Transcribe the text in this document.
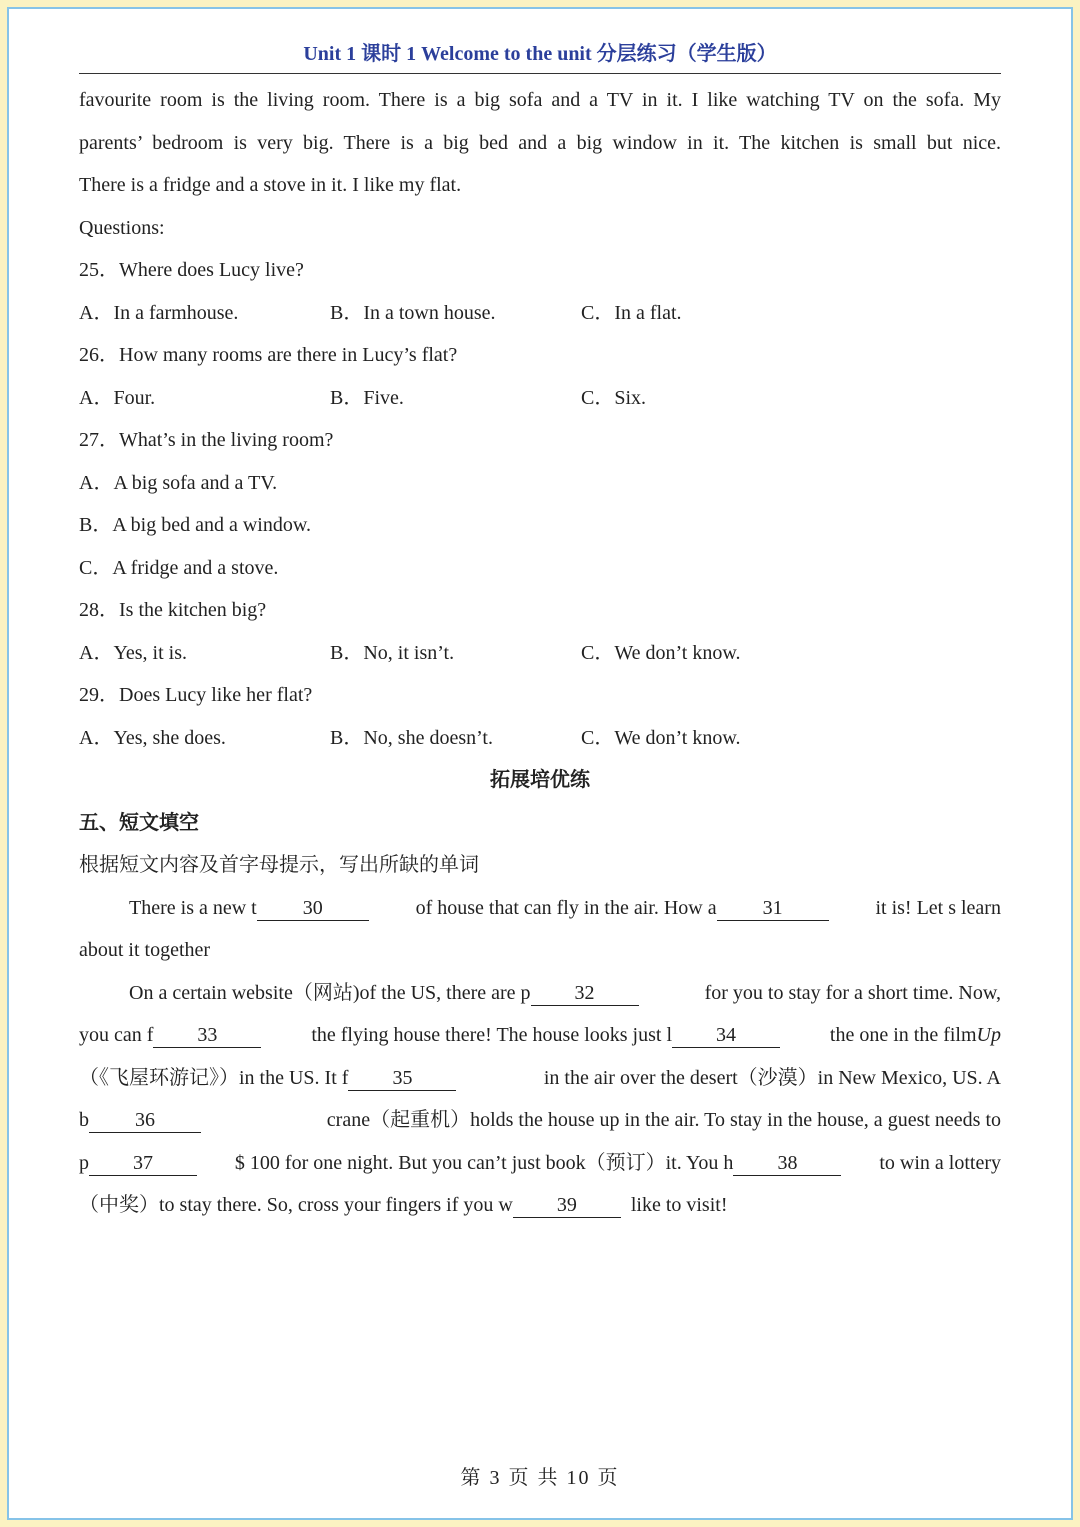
Unit 1 课时 1 Welcome to the unit 分层练习（学生版）
favourite room is the living room. There is a big sofa and a TV in it. I like watching TV on the sofa. My
parents’ bedroom is very big. There is a big bed and a big window in it. The kitchen is small but nice.
There is a fridge and a stove in it. I like my flat.
Questions:
25．Where does Lucy live?
A．In a farmhouse.	B．In a town house.	C．In a flat.
26．How many rooms are there in Lucy’s flat?
A．Four.	B．Five.	C．Six.
27．What’s in the living room?
A．A big sofa and a TV.
B．A big bed and a window.
C．A fridge and a stove.
28．Is the kitchen big?
A．Yes, it is.	B．No, it isn’t.	C．We don’t know.
29．Does Lucy like her flat?
A．Yes, she does.	B．No, she doesn’t.	C．We don’t know.
拓展培优练
五、短文填空
根据短文内容及首字母提示，写出所缺的单词
There is a new t 30	of house that can fly in the air. How a 31	it is! Let s learn
about it together
On a certain website（网站)of the US, there are p 32	for you to stay for a short time. Now,
you can f 33	the flying house there! The house looks just l 34	the one in the filmUp
（《飞屋环游记》）in the US. It f 35	in the air over the desert（沙漠）in New Mexico, US. A
b 36	crane（起重机）holds the house up in the air. To stay in the house, a guest needs to
p 37	$ 100 for one night. But you can’t just book（预订）it. You h 38	to win a lottery
（中奖）to stay there. So, cross your fingers if you w 39	like to visit!
第 3 页 共 10 页
